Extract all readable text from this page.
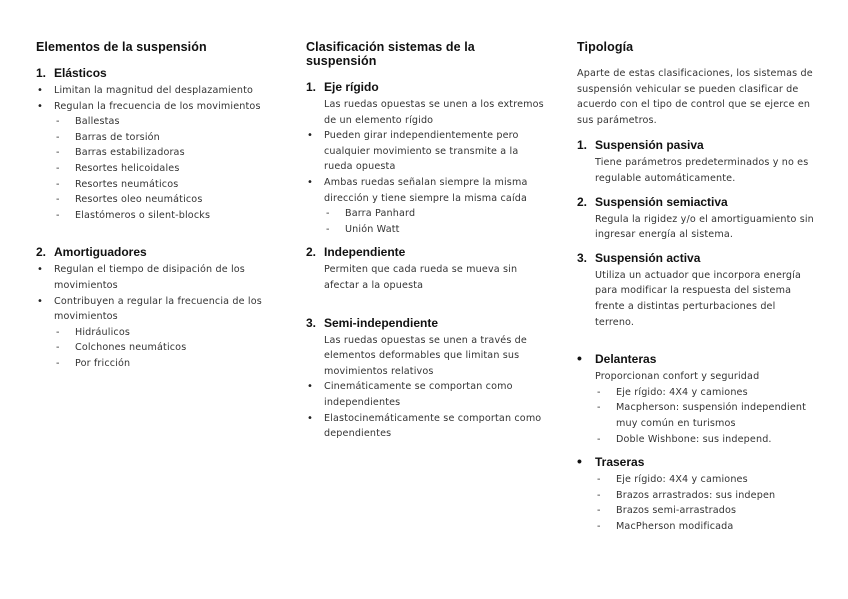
Elementos de la suspensión
1. Elásticos
• Limitan la magnitud del desplazamiento
• Regulan la frecuencia de los movimientos
- Ballestas
- Barras de torsión
- Barras estabilizadoras
- Resortes helicoidales
- Resortes neumáticos
- Resortes oleo neumáticos
- Elastómeros o silent-blocks
2. Amortiguadores
• Regulan el tiempo de disipación de los movimientos
• Contribuyen a regular la frecuencia de los movimientos
- Hidráulicos
- Colchones neumáticos
- Por fricción
Clasificación sistemas de la suspensión
1. Eje rígido
Las ruedas opuestas se unen a los extremos de un elemento rígido
• Pueden girar independientemente pero cualquier movimiento se transmite a la rueda opuesta
• Ambas ruedas señalan siempre la misma dirección y tiene siempre la misma caída
- Barra Panhard
- Unión Watt
2. Independiente
Permiten que cada rueda se mueva sin afectar a la opuesta
3. Semi-independiente
Las ruedas opuestas se unen a través de elementos deformables que limitan sus movimientos relativos
• Cinemáticamente se comportan como independientes
• Elastocinemáticamente se comportan como dependientes
Tipología
Aparte de estas clasificaciones, los sistemas de suspensión vehicular se pueden clasificar de acuerdo con el tipo de control que se ejerce en sus parámetros.
1. Suspensión pasiva
Tiene parámetros predeterminados y no es regulable automáticamente.
2. Suspensión semiactiva
Regula la rigidez y/o el amortiguamiento sin ingresar energía al sistema.
3. Suspensión activa
Utiliza un actuador que incorpora energía para modificar la respuesta del sistema frente a distintas perturbaciones del terreno.
•	Delanteras
Proporcionan confort y seguridad
- Eje rígido: 4X4 y camiones
- Macpherson: suspensión independient muy común en turismos
- Doble Wishbone: sus independ.
•	Traseras
- Eje rígido: 4X4 y camiones
- Brazos arrastrados: sus indepen
- Brazos semi-arrastrados
- MacPherson modificada
